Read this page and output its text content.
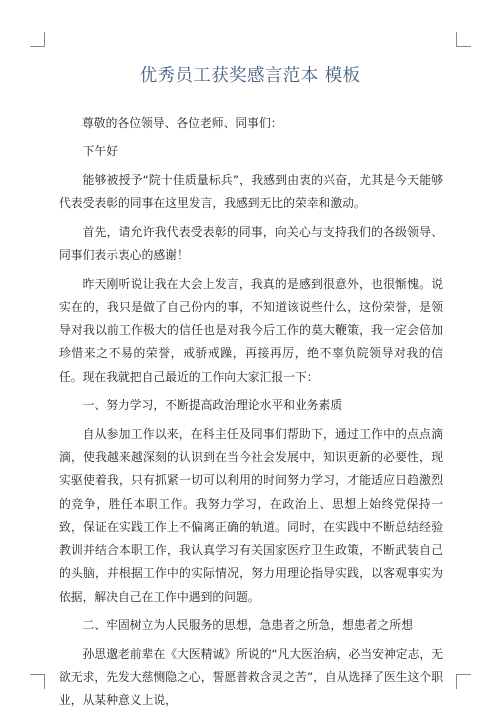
优秀员工获奖感言范本 模板

尊敬的各位领导、各位老师、同事们：

下午好

能够被授予“院十佳质量标兵”，我感到由衷的兴奋，尤其是今天能够代表受表彰的同事在这里发言，我感到无比的荣幸和激动。

首先，请允许我代表受表彰的同事，向关心与支持我们的各级领导、同事们表示衷心的感谢！

昨天刚听说让我在大会上发言，我真的是感到很意外，也很惭愧。说实在的，我只是做了自己份内的事，不知道该说些什么，这份荣誉，是领导对我以前工作极大的信任也是对我今后工作的莫大鞭策，我一定会倍加珍惜来之不易的荣誉，戒骄戒躁，再接再厉，绝不辜负院领导对我的信任。现在我就把自己最近的工作向大家汇报一下：

一、努力学习，不断提高政治理论水平和业务素质

自从参加工作以来，在科主任及同事们帮助下，通过工作中的点点滴滴，使我越来越深刻的认识到在当今社会发展中，知识更新的必要性，现实驱使着我，只有抓紧一切可以利用的时间努力学习，才能适应日趋激烈的竞争，胜任本职工作。我努力学习，在政治上、思想上始终党保持一致，保证在实践工作上不偏离正确的轨道。同时，在实践中不断总结经验教训并结合本职工作，我认真学习有关国家医疗卫生政策，不断武装自己的头脑，并根据工作中的实际情况，努力用理论指导实践，以客观事实为依据，解决自己在工作中遇到的问题。

二、牢固树立为人民服务的思想，急患者之所急，想患者之所想

孙思邈老前辈在《大医精诚》所说的“凡大医治病，必当安神定志，无欲无求，先发大慈恻隐之心，誓愿普救含灵之苦”，自从选择了医生这个职业，从某种意义上说，
